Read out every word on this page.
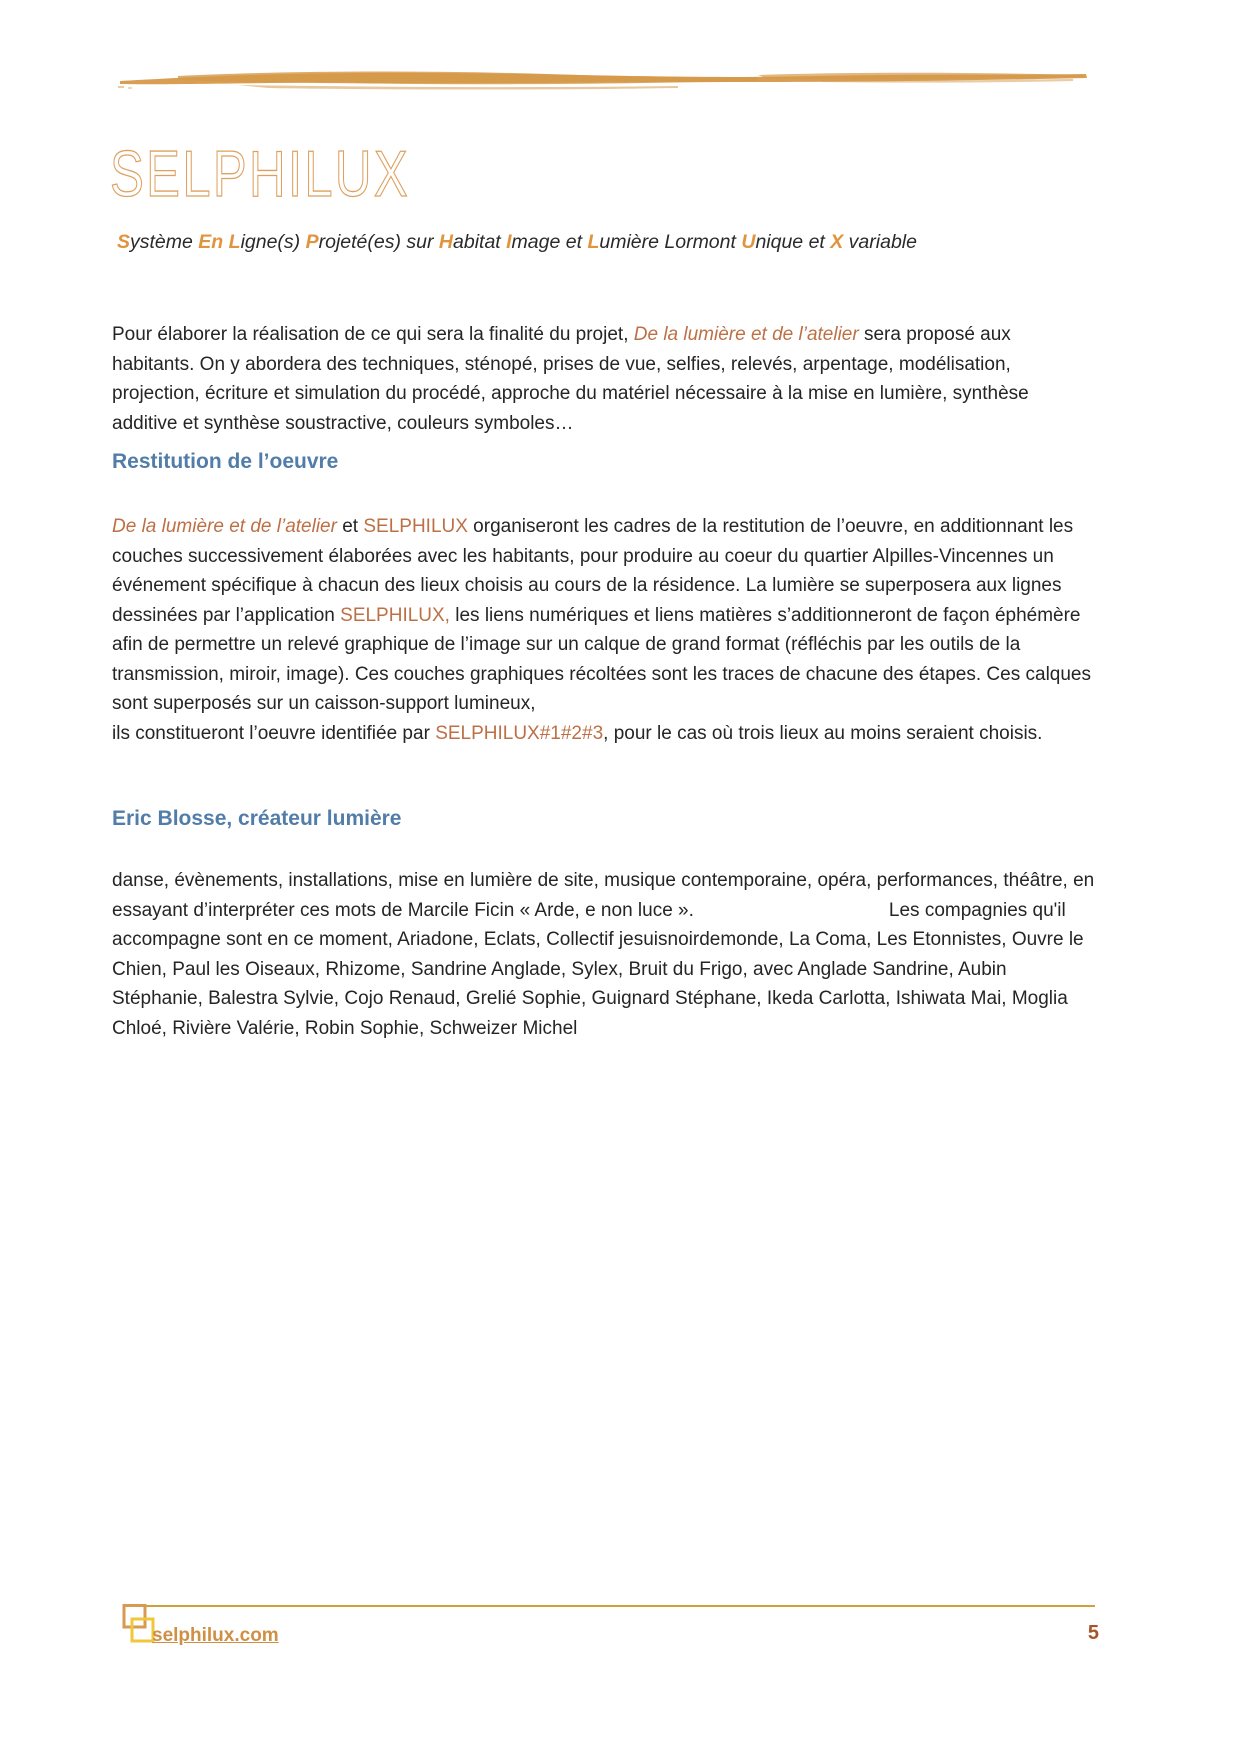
SELPHILUX
Système En Ligne(s) Projeté(es) sur Habitat Image et Lumière Lormont Unique et X variable

Pour élaborer la réalisation de ce qui sera la finalité du projet, De la lumière et de l’atelier sera proposé aux habitants. On y abordera des techniques, sténopé, prises de vue, selfies, relevés, arpentage, modélisation, projection, écriture et simulation du procédé, approche du matériel nécessaire à la mise en lumière, synthèse additive et synthèse soustractive, couleurs symboles…

Restitution de l’oeuvre

De la lumière et de l’atelier et SELPHILUX organiseront les cadres de la restitution de l’oeuvre, en additionnant les couches successivement élaborées avec les habitants, pour produire au coeur du quartier Alpilles-Vincennes un événement spécifique à chacun des lieux choisis au cours de la résidence. La lumière se superposera aux lignes dessinées par l’application SELPHILUX, les liens numériques et liens matières s’additionneront de façon éphémère afin de permettre un relevé graphique de l’image sur un calque de grand format (réfléchis par les outils de la transmission, miroir, image). Ces couches graphiques récoltées sont les traces de chacune des étapes. Ces calques sont superposés sur un caisson-support lumineux,
ils constitueront l’oeuvre identifiée par SELPHILUX#1#2#3, pour le cas où trois lieux au moins seraient choisis.

Eric Blosse, créateur lumière

danse, évènements, installations, mise en lumière de site, musique contemporaine, opéra, performances, théâtre, en essayant d’interpréter ces mots de Marcile Ficin « Arde, e non luce ».	Les compagnies qu'il accompagne sont en ce moment, Ariadone, Eclats, Collectif jesuisnoirdemonde, La Coma, Les Etonnistes, Ouvre le Chien, Paul les Oiseaux, Rhizome, Sandrine Anglade, Sylex, Bruit du Frigo, avec Anglade Sandrine, Aubin Stéphanie, Balestra Sylvie, Cojo Renaud, Grelié Sophie, Guignard Stéphane, Ikeda Carlotta, Ishiwata Mai, Moglia Chloé, Rivière Valérie, Robin Sophie, Schweizer Michel

selphilux.com	5
